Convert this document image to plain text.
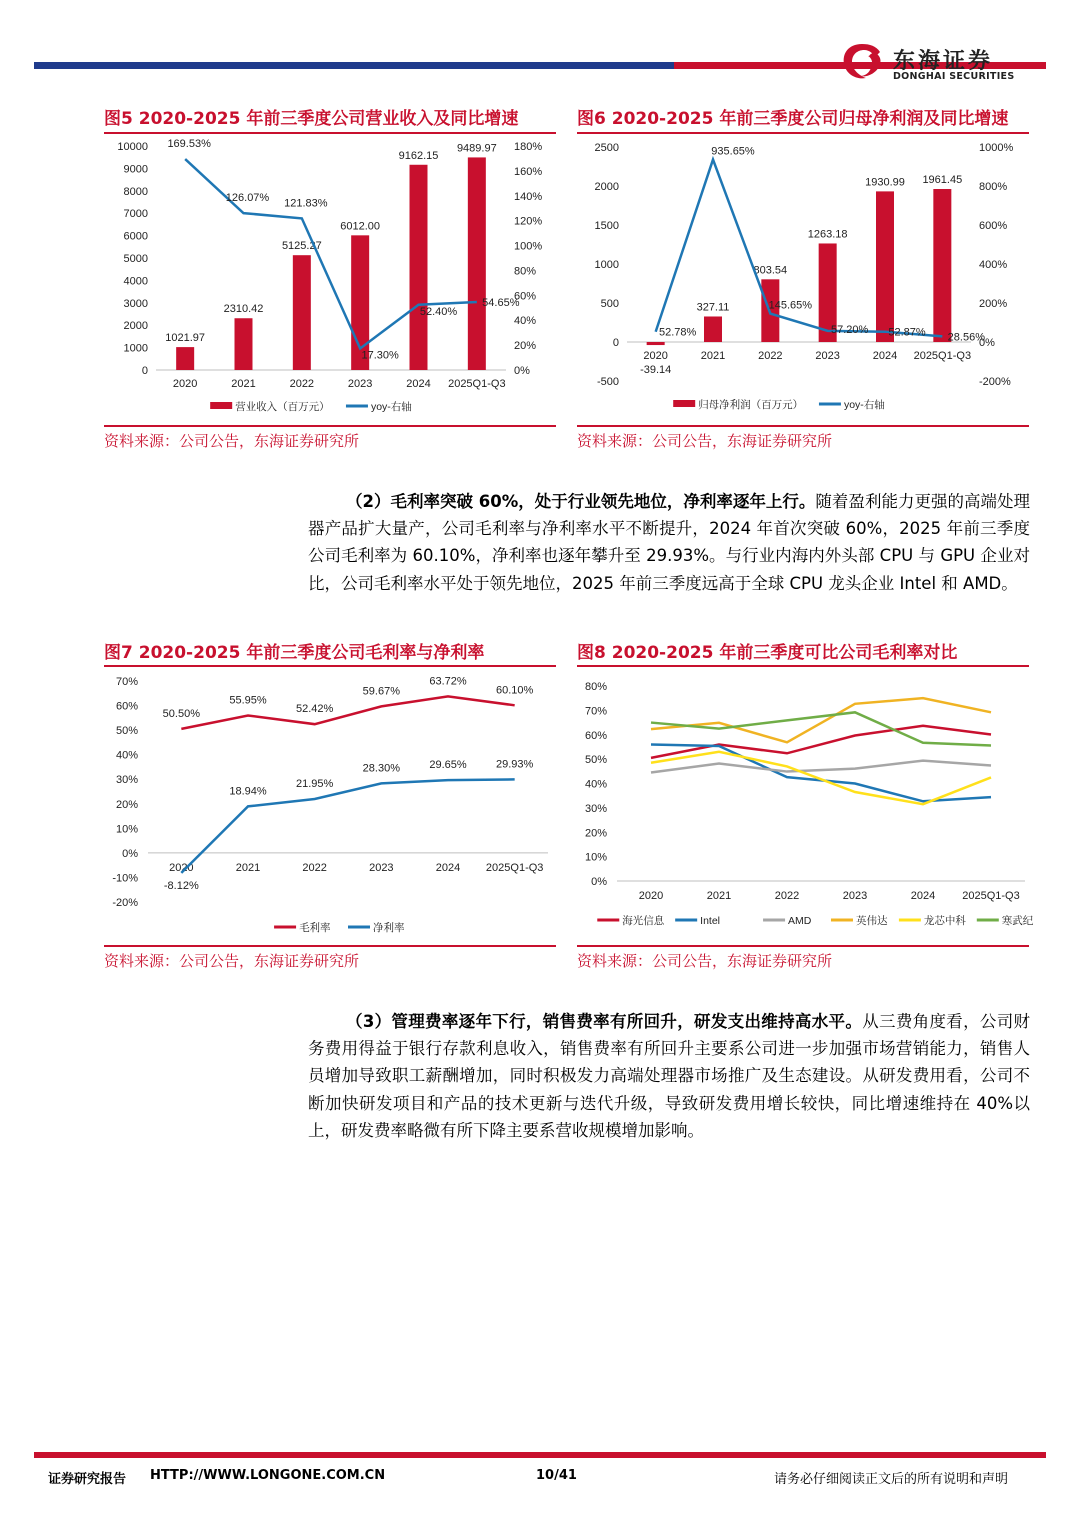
东海证券
DONGHAI SECURITIES
图5 2020-2025 年前三季度公司营业收入及同比增速	图6 2020-2025 年前三季度公司归母净利润及同比增速
0
1000
2000
3000
4000
5000
6000
7000
8000
9000
10000
0%
20%
40%
60%
80%
100%
120%
140%
160%
180%
1021.97
2020
2310.42
2021
5125.27
2022
6012.00
2023
9162.15
2024
9489.97
2025Q1-Q3
169.53%
126.07% 121.83%
17.30%
52.40%
54.65%
营业收入（百万元）	yoy-右轴
-500
0
500
1000
1500
2000
2500
-200%
0%
200%
400%
600%
800%
1000%
2020
-39.14
327.11
2021
803.54
2022
1263.18
2023
1930.99
2024
1961.45
2025Q1-Q3
52.78%
935.65%
145.65%
57.20% 52.87% 28.56%
归母净利润（百万元）	yoy-右轴
资料来源：公司公告，东海证券研究所	资料来源：公司公告，东海证券研究所
（2）毛利率突破 60%，处于行业领先地位，净利率逐年上行。随着盈利能力更强的高端处理器产品扩大量产，公司毛利率与净利率水平不断提升，2024 年首次突破 60%，2025 年前三季度公司毛利率为 60.10%，净利率也逐年攀升至 29.93%。与行业内海内外头部 CPU 与 GPU 企业对比，公司毛利率水平处于领先地位，2025 年前三季度远高于全球 CPU 龙头企业 Intel 和 AMD。
图7 2020-2025 年前三季度公司毛利率与净利率	图8 2020-2025 年前三季度可比公司毛利率对比
-20%
-10%
0%
10%
20%
30%
40%
50%
60%
70%
2020	2021	2022	2023	2024 2025Q1-Q3
50.50%
55.95%
52.42%
59.67%
63.72%
60.10%
-8.12%
18.94%
21.95%
28.30%	29.65%	29.93%
毛利率	净利率
0%
10%
20%
30%
40%
50%
60%
70%
80%
2020	2021	2022	2023	2024 2025Q1-Q3
海光信息	Intel	AMD	英伟达	龙芯中科	寒武纪
资料来源：公司公告，东海证券研究所	资料来源：公司公告，东海证券研究所
（3）管理费率逐年下行，销售费率有所回升，研发支出维持高水平。从三费角度看，公司财务费用得益于银行存款利息收入，销售费率有所回升主要系公司进一步加强市场营销能力，销售人员增加导致职工薪酬增加，同时积极发力高端处理器市场推广及生态建设。从研发费用看，公司不断加快研发项目和产品的技术更新与迭代升级，导致研发费用增长较快，同比增速维持在 40%以上，研发费率略微有所下降主要系营收规模增加影响。
证券研究报告 HTTP://WWW.LONGONE.COM.CN	10/41	请务必仔细阅读正文后的所有说明和声明
